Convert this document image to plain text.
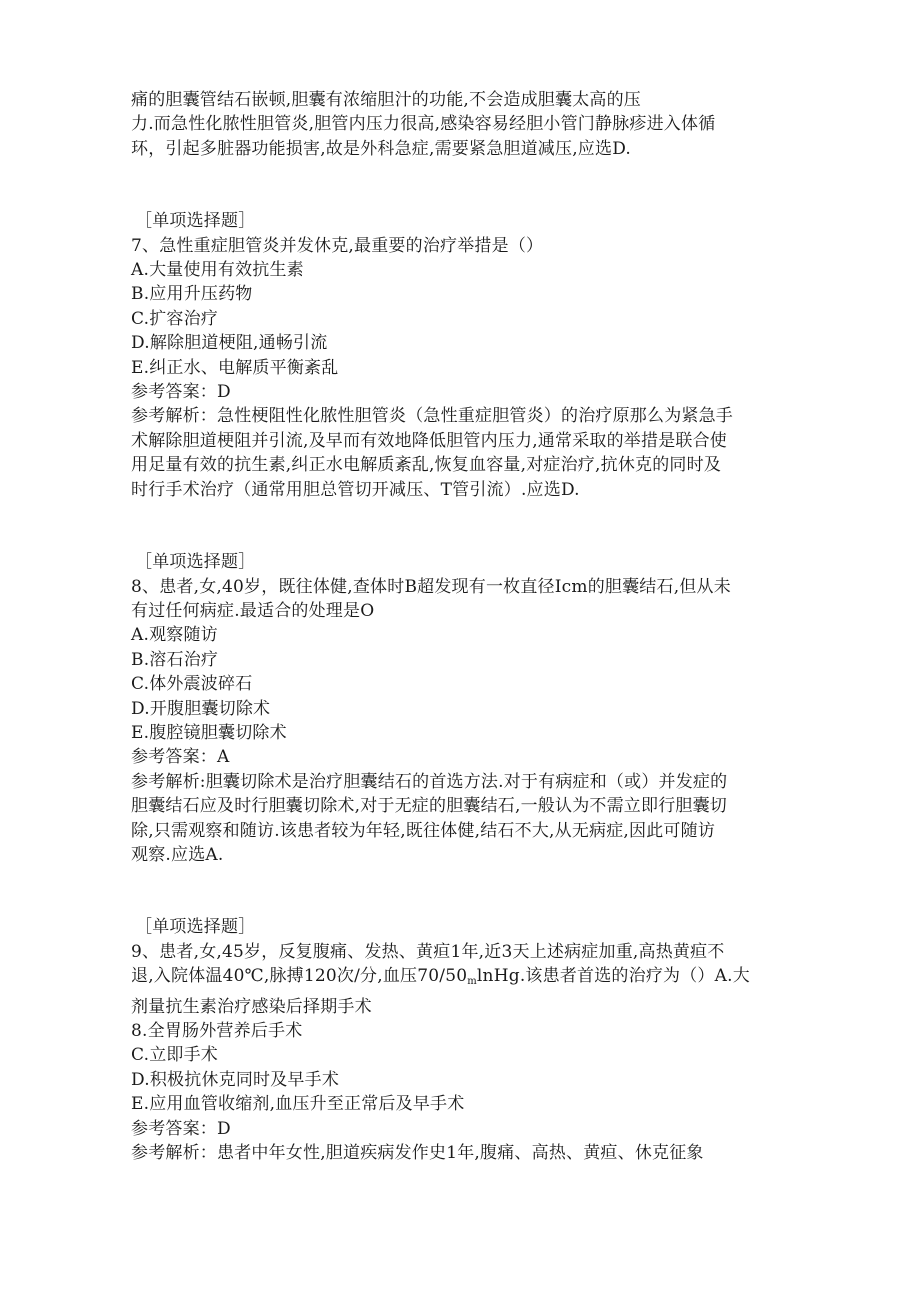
痛的胆囊管结石嵌顿,胆囊有浓缩胆汁的功能,不会造成胆囊太高的压
力.而急性化脓性胆管炎,胆管内压力很高,感染容易经胆小管门静脉疹进入体循
环，引起多脏器功能损害,故是外科急症,需要紧急胆道减压,应选D.
［单项选择题］
7、急性重症胆管炎并发休克,最重要的治疗举措是（）
A.大量使用有效抗生素
B.应用升压药物
C.扩容治疗
D.解除胆道梗阻,通畅引流
E.纠正水、电解质平衡紊乱
参考答案：D
参考解析：急性梗阻性化脓性胆管炎（急性重症胆管炎）的治疗原那么为紧急手
术解除胆道梗阻并引流,及早而有效地降低胆管内压力,通常采取的举措是联合使
用足量有效的抗生素,纠正水电解质紊乱,恢复血容量,对症治疗,抗休克的同时及
时行手术治疗（通常用胆总管切开减压、T管引流）.应选D.
［单项选择题］
8、患者,女,40岁，既往体健,查体时B超发现有一枚直径Icm的胆囊结石,但从未
有过任何病症.最适合的处理是O
A.观察随访
B.溶石治疗
C.体外震波碎石
D.开腹胆囊切除术
E.腹腔镜胆囊切除术
参考答案：A
参考解析:胆囊切除术是治疗胆囊结石的首选方法.对于有病症和（或）并发症的
胆囊结石应及时行胆囊切除术,对于无症的胆囊结石,一般认为不需立即行胆囊切
除,只需观察和随访.该患者较为年轻,既往体健,结石不大,从无病症,因此可随访
观察.应选A.
［单项选择题］
9、患者,女,45岁，反复腹痛、发热、黄疸1年,近3天上述病症加重,高热黄疸不
退,入院体温40℃,脉搏120次/分,血压$70/50_mlnHg$.该患者首选的治疗为（）A.大
剂量抗生素治疗感染后择期手术
8.全胃肠外营养后手术
C.立即手术
D.积极抗休克同时及早手术
E.应用血管收缩剂,血压升至正常后及早手术
参考答案：D
参考解析：患者中年女性,胆道疾病发作史1年,腹痛、高热、黄疸、休克征象
